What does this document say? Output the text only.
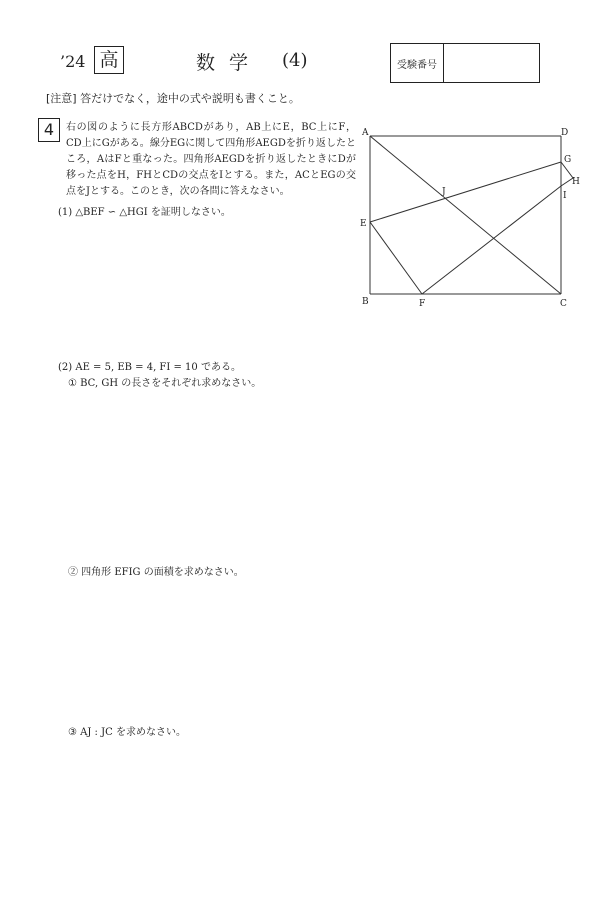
’24 高	数学 (4)	受験番号
[注意] 答だけでなく，途中の式や説明も書くこと。
4	右の図のように長方形ABCDがあり，AB上にE，BC上にF，CD上にGがある。線分EGに関して四角形AEGDを折り返したところ，AはFと重なった。四角形AEGDを折り返したときにDが移った点をH，FHとCDの交点をIとする。また，ACとEGの交点をJとする。このとき，次の各問に答えなさい。
(1) △BEF ∽ △HGI を証明しなさい。
(2) AE = 5, EB = 4, FI = 10 である。
① BC, GH の長さをそれぞれ求めなさい。
② 四角形 EFIG の面積を求めなさい。
③ AJ : JC を求めなさい。
A	D
G
H
I
J
E
B	F	C
